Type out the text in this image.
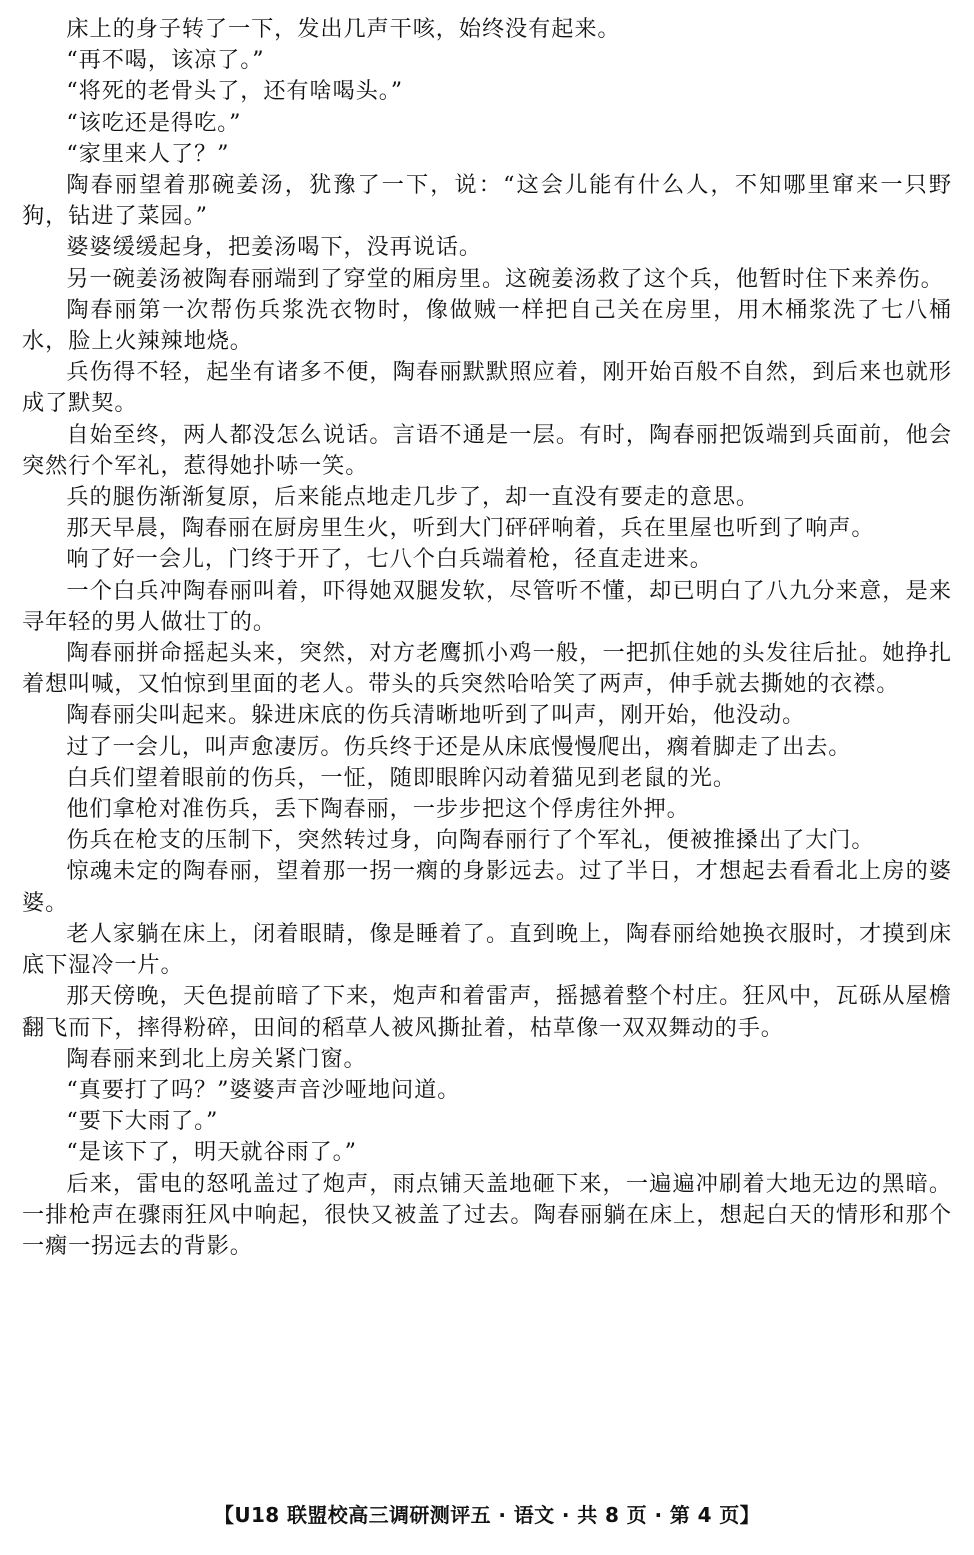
床上的身子转了一下，发出几声干咳，始终没有起来。

“再不喝，该凉了。”

“将死的老骨头了，还有啥喝头。”

“该吃还是得吃。”

“家里来人了？”

陶春丽望着那碗姜汤，犹豫了一下，说：“这会儿能有什么人，不知哪里窜来一只野狗，钻进了菜园。”

婆婆缓缓起身，把姜汤喝下，没再说话。

另一碗姜汤被陶春丽端到了穿堂的厢房里。这碗姜汤救了这个兵，他暂时住下来养伤。

陶春丽第一次帮伤兵浆洗衣物时，像做贼一样把自己关在房里，用木桶浆洗了七八桶水，脸上火辣辣地烧。

兵伤得不轻，起坐有诸多不便，陶春丽默默照应着，刚开始百般不自然，到后来也就形成了默契。

自始至终，两人都没怎么说话。言语不通是一层。有时，陶春丽把饭端到兵面前，他会突然行个军礼，惹得她扑哧一笑。

兵的腿伤渐渐复原，后来能点地走几步了，却一直没有要走的意思。

那天早晨，陶春丽在厨房里生火，听到大门砰砰响着，兵在里屋也听到了响声。

响了好一会儿，门终于开了，七八个白兵端着枪，径直走进来。

一个白兵冲陶春丽叫着，吓得她双腿发软，尽管听不懂，却已明白了八九分来意，是来寻年轻的男人做壮丁的。

陶春丽拼命摇起头来，突然，对方老鹰抓小鸡一般，一把抓住她的头发往后扯。她挣扎着想叫喊，又怕惊到里面的老人。带头的兵突然哈哈笑了两声，伸手就去撕她的衣襟。

陶春丽尖叫起来。躲进床底的伤兵清晰地听到了叫声，刚开始，他没动。

过了一会儿，叫声愈凄厉。伤兵终于还是从床底慢慢爬出，瘸着脚走了出去。

白兵们望着眼前的伤兵，一怔，随即眼眸闪动着猫见到老鼠的光。

他们拿枪对准伤兵，丢下陶春丽，一步步把这个俘虏往外押。

伤兵在枪支的压制下，突然转过身，向陶春丽行了个军礼，便被推搡出了大门。

惊魂未定的陶春丽，望着那一拐一瘸的身影远去。过了半日，才想起去看看北上房的婆婆。

老人家躺在床上，闭着眼睛，像是睡着了。直到晚上，陶春丽给她换衣服时，才摸到床底下湿冷一片。

那天傍晚，天色提前暗了下来，炮声和着雷声，摇撼着整个村庄。狂风中，瓦砾从屋檐翻飞而下，摔得粉碎，田间的稻草人被风撕扯着，枯草像一双双舞动的手。

陶春丽来到北上房关紧门窗。

“真要打了吗？”婆婆声音沙哑地问道。

“要下大雨了。”

“是该下了，明天就谷雨了。”

后来，雷电的怒吼盖过了炮声，雨点铺天盖地砸下来，一遍遍冲刷着大地无边的黑暗。一排枪声在骤雨狂风中响起，很快又被盖了过去。陶春丽躺在床上，想起白天的情形和那个一瘸一拐远去的背影。

【U18 联盟校高三调研测评五 · 语文 · 共 8 页 · 第 4 页】
